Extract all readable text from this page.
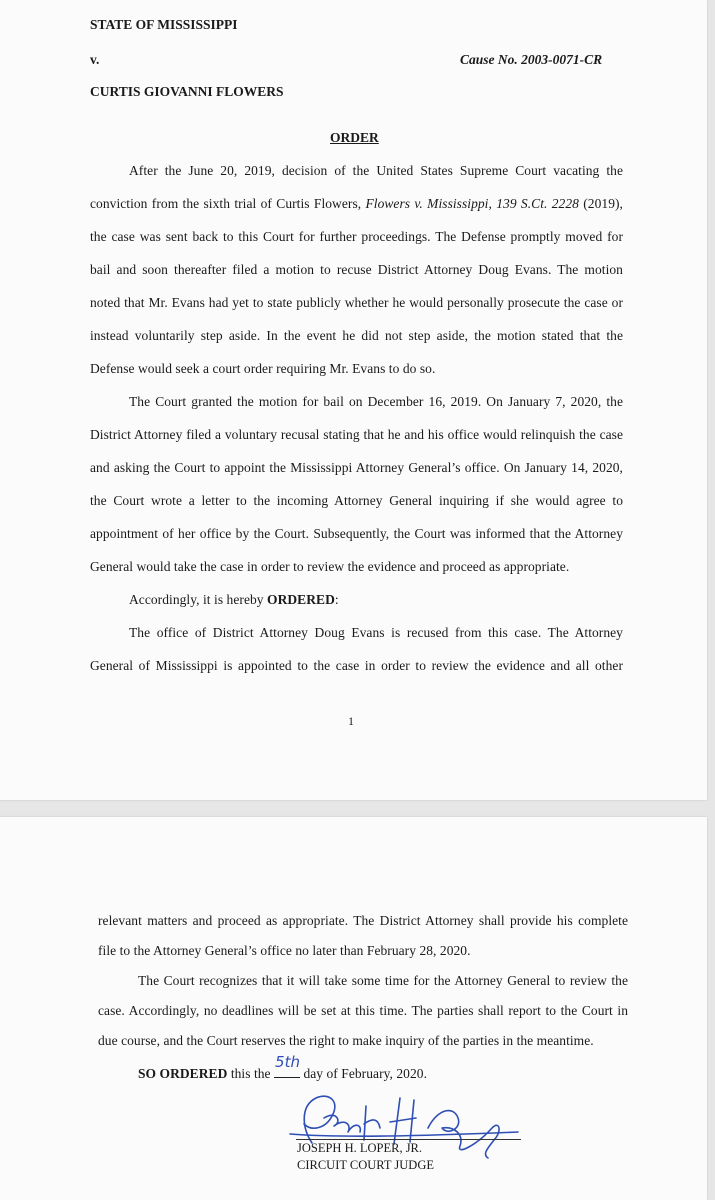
STATE OF MISSISSIPPI
v.	Cause No. 2003-0071-CR
CURTIS GIOVANNI FLOWERS
ORDER
After the June 20, 2019, decision of the United States Supreme Court vacating the
conviction from the sixth trial of Curtis Flowers, Flowers v. Mississippi, 139 S.Ct. 2228 (2019),
the case was sent back to this Court for further proceedings. The Defense promptly moved for
bail and soon thereafter filed a motion to recuse District Attorney Doug Evans. The motion
noted that Mr. Evans had yet to state publicly whether he would personally prosecute the case or
instead voluntarily step aside. In the event he did not step aside, the motion stated that the
Defense would seek a court order requiring Mr. Evans to do so.
The Court granted the motion for bail on December 16, 2019. On January 7, 2020, the
District Attorney filed a voluntary recusal stating that he and his office would relinquish the case
and asking the Court to appoint the Mississippi Attorney General’s office. On January 14, 2020,
the Court wrote a letter to the incoming Attorney General inquiring if she would agree to
appointment of her office by the Court. Subsequently, the Court was informed that the Attorney
General would take the case in order to review the evidence and proceed as appropriate.
Accordingly, it is hereby ORDERED:
The office of District Attorney Doug Evans is recused from this case. The Attorney
General of Mississippi is appointed to the case in order to review the evidence and all other
1
relevant matters and proceed as appropriate. The District Attorney shall provide his complete
file to the Attorney General’s office no later than February 28, 2020.
The Court recognizes that it will take some time for the Attorney General to review the
case. Accordingly, no deadlines will be set at this time. The parties shall report to the Court in
due course, and the Court reserves the right to make inquiry of the parties in the meantime.
SO ORDERED this the
5th
day of February, 2020.
JOSEPH H. LOPER, JR.
CIRCUIT COURT JUDGE
